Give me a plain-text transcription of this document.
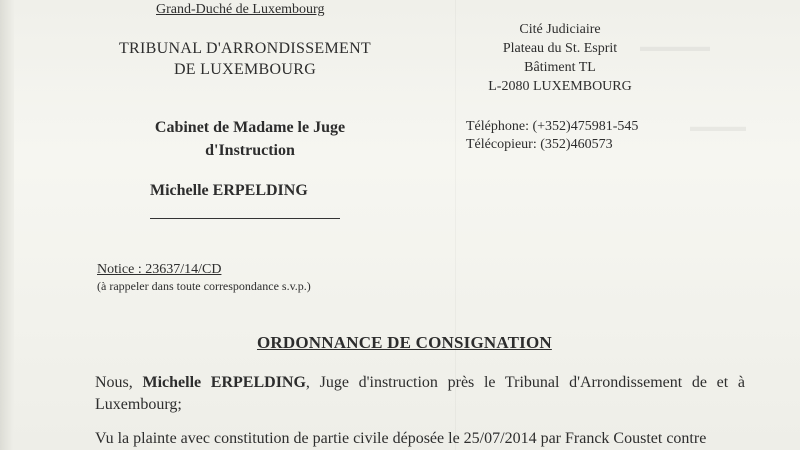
▬▬▬▬▬
▬▬▬▬
Grand-Duché de Luxembourg
TRIBUNAL D'ARRONDISSEMENT
DE LUXEMBOURG
Cabinet de Madame le Juge
d'Instruction
Michelle ERPELDING
Cité Judiciaire
Plateau du St. Esprit
Bâtiment TL
L-2080 LUXEMBOURG
Téléphone: (+352)475981-545
Télécopieur: (352)460573
Notice : 23637/14/CD
(à rappeler dans toute correspondance s.v.p.)
ORDONNANCE DE CONSIGNATION
Nous, Michelle ERPELDING, Juge d'instruction près le Tribunal d'Arrondissement de et à Luxembourg;
Vu la plainte avec constitution de partie civile déposée le 25/07/2014 par Franck Coustet contre
